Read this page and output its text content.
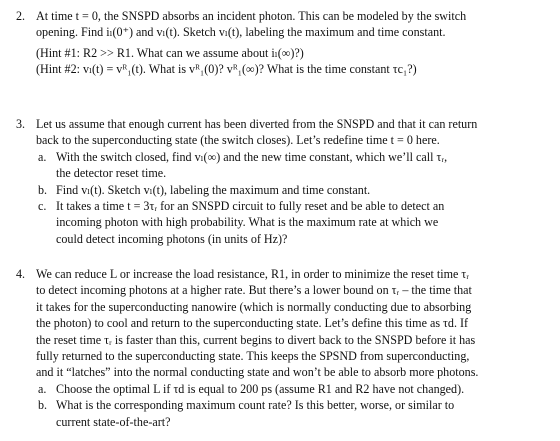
2. At time t = 0, the SNSPD absorbs an incident photon. This can be modeled by the switch
opening. Find iₗ(0⁺) and vₗ(t). Sketch vₗ(t), labeling the maximum and time constant.
(Hint #1: R2 >> R1. What can we assume about iₗ(∞)?)
(Hint #2: vₗ(t) = vᴿ₁(t). What is vᴿ₁(0)? vᴿ₁(∞)? What is the time constant τc₁?)
3. Let us assume that enough current has been diverted from the SNSPD and that it can return
back to the superconducting state (the switch closes). Let’s redefine time t = 0 here.
a. With the switch closed, find vₗ(∞) and the new time constant, which we’ll call τᵣ,
the detector reset time.
b. Find vₗ(t). Sketch vₗ(t), labeling the maximum and time constant.
c. It takes a time t = 3τᵣ for an SNSPD circuit to fully reset and be able to detect an
incoming photon with high probability. What is the maximum rate at which we
could detect incoming photons (in units of Hz)?
4. We can reduce L or increase the load resistance, R1, in order to minimize the reset time τᵣ
to detect incoming photons at a higher rate. But there’s a lower bound on τᵣ – the time that
it takes for the superconducting nanowire (which is normally conducting due to absorbing
the photon) to cool and return to the superconducting state. Let’s define this time as τd. If
the reset time τᵣ is faster than this, current begins to divert back to the SNSPD before it has
fully returned to the superconducting state. This keeps the SPSND from superconducting,
and it “latches” into the normal conducting state and won’t be able to absorb more photons.
a. Choose the optimal L if τd is equal to 200 ps (assume R1 and R2 have not changed).
b. What is the corresponding maximum count rate? Is this better, worse, or similar to
current state-of-the-art?
